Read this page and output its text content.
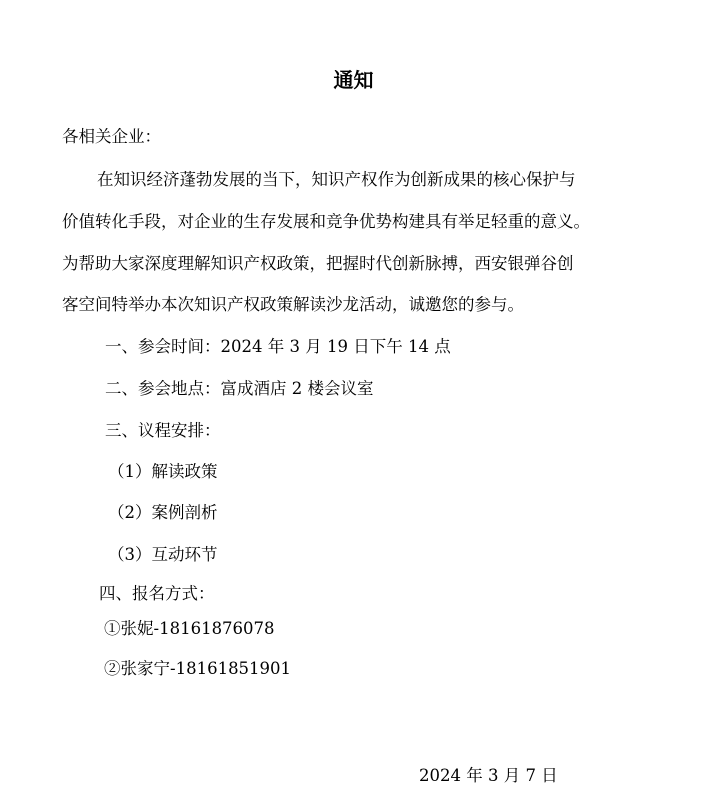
通知
各相关企业：
在知识经济蓬勃发展的当下，知识产权作为创新成果的核心保护与
价值转化手段，对企业的生存发展和竞争优势构建具有举足轻重的意义。
为帮助大家深度理解知识产权政策，把握时代创新脉搏，西安银弹谷创
客空间特举办本次知识产权政策解读沙龙活动，诚邀您的参与。
一、参会时间：2024 年 3 月 19 日下午 14 点
二、参会地点：富成酒店 2 楼会议室
三、议程安排：
（1）解读政策
（2）案例剖析
（3）互动环节
四、报名方式：
①张妮-18161876078
②张家宁-18161851901
2024 年 3 月 7 日
